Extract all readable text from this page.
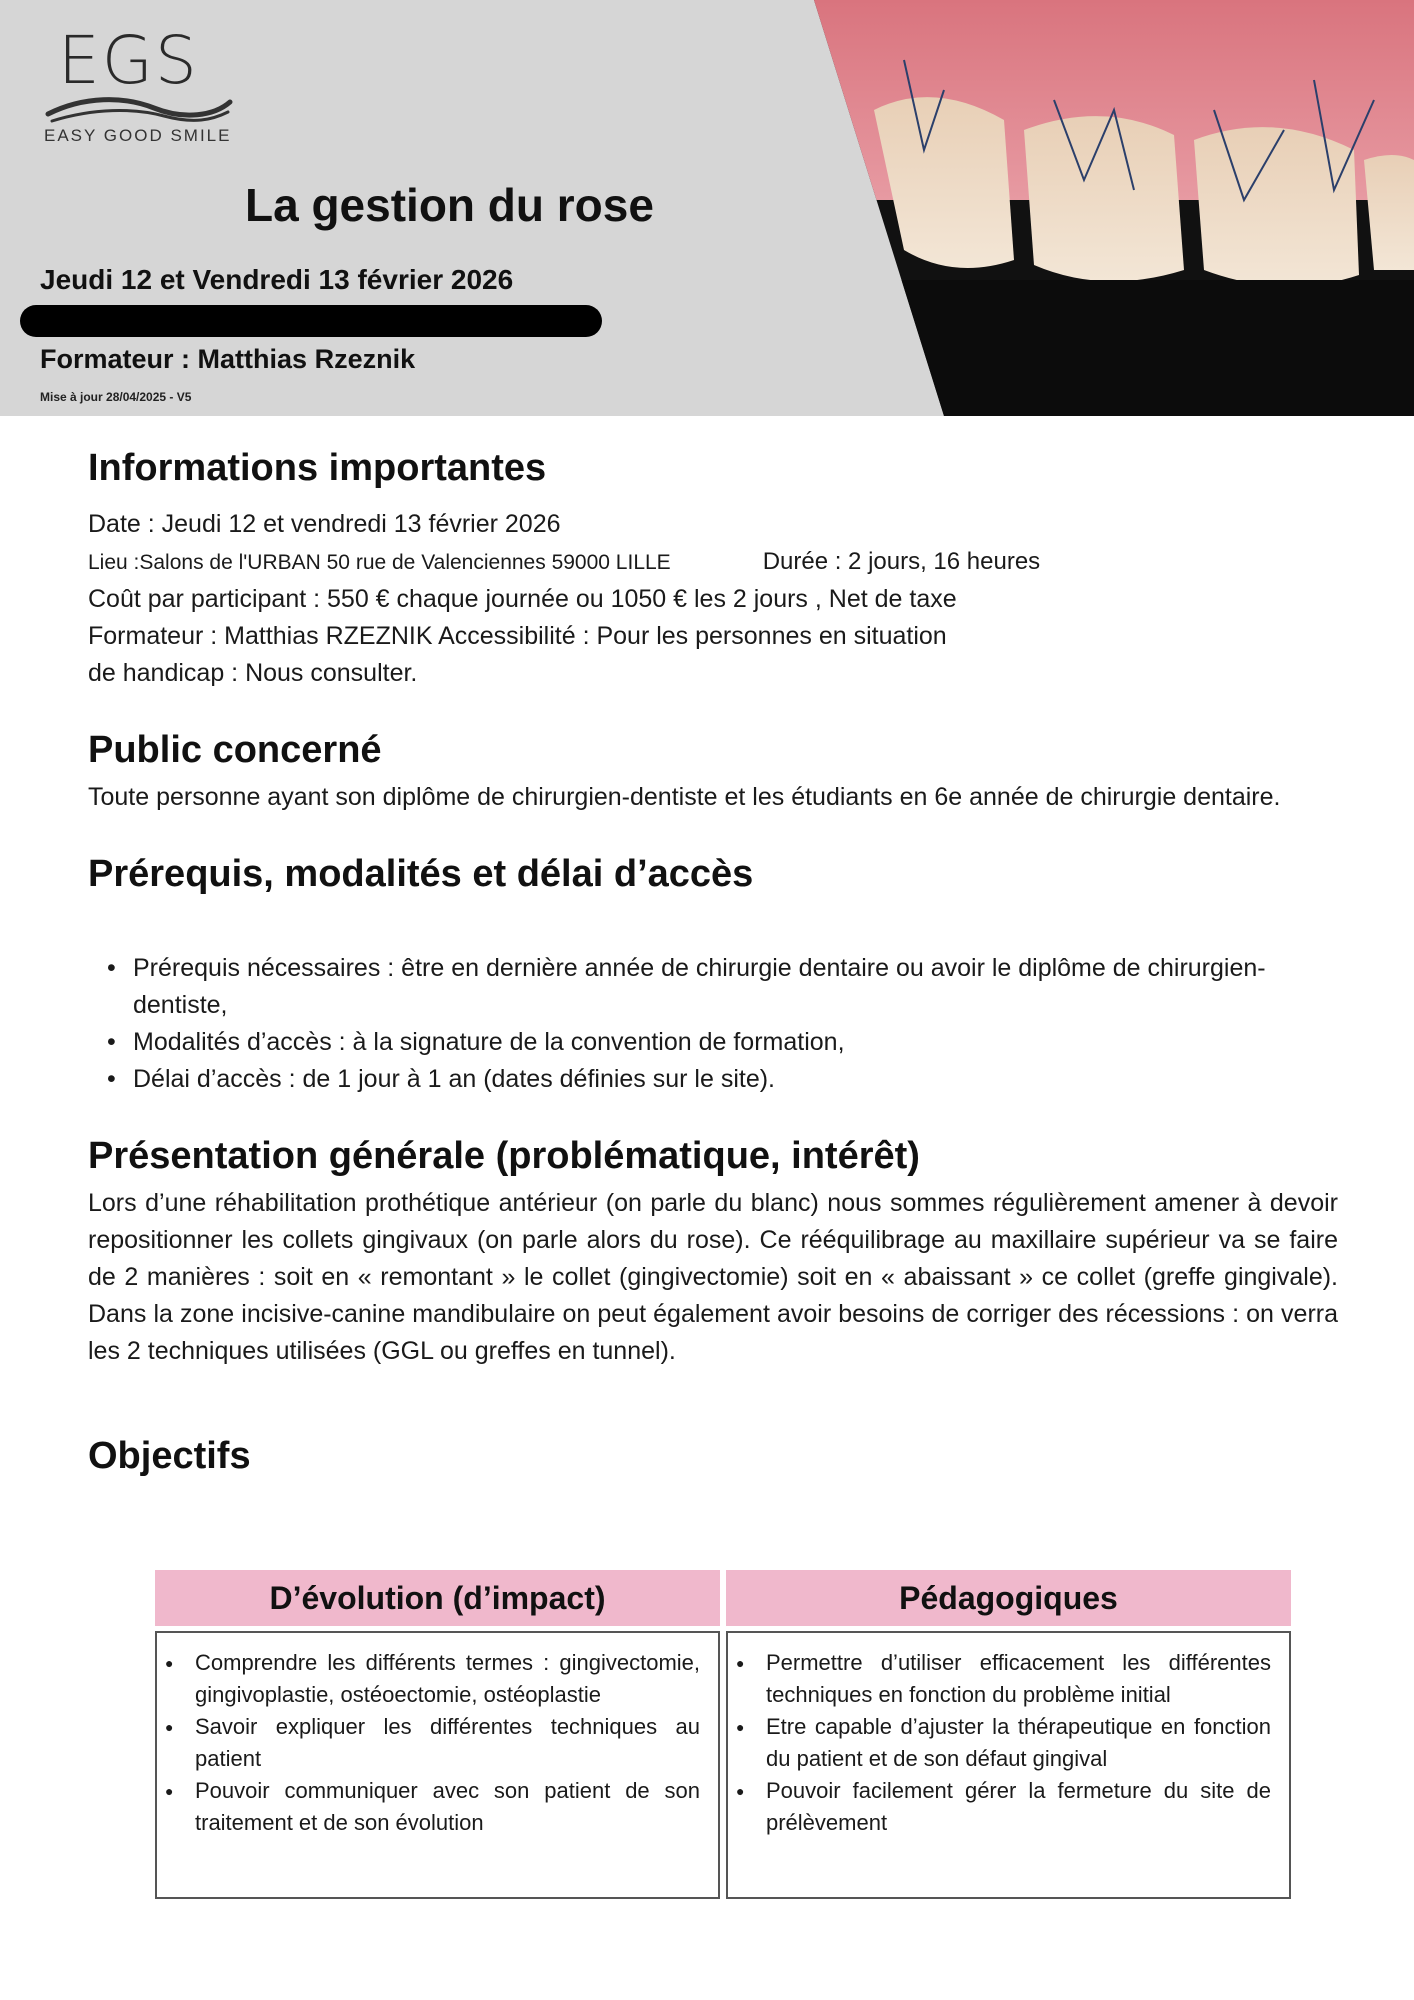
EGS
EASY GOOD SMILE
La gestion du rose
Jeudi 12 et Vendredi 13 février 2026
Formateur : Matthias Rzeznik
Mise à jour 28/04/2025 - V5
Informations importantes
Date : Jeudi 12 et vendredi 13 février 2026
Lieu :Salons de l'URBAN 50 rue de Valenciennes 59000 LILLE	Durée : 2 jours, 16 heures
Coût par participant : 550 € chaque journée ou 1050 € les 2 jours , Net de taxe
Formateur : Matthias RZEZNIK Accessibilité : Pour les personnes en situation
de handicap : Nous consulter.
Public concerné
Toute personne ayant son diplôme de chirurgien-dentiste et les étudiants en 6e année de chirurgie dentaire.
Prérequis, modalités et délai d’accès
• Prérequis nécessaires : être en dernière année de chirurgie dentaire ou avoir le diplôme de chirurgien-dentiste,
• Modalités d’accès : à la signature de la convention de formation,
• Délai d’accès : de 1 jour à 1 an (dates définies sur le site).
Présentation générale (problématique, intérêt)
Lors d’une réhabilitation prothétique antérieur (on parle du blanc) nous sommes régulièrement amener à devoir repositionner les collets gingivaux (on parle alors du rose). Ce rééquilibrage au maxillaire supérieur va se faire de 2 manières : soit en « remontant » le collet (gingivectomie) soit en « abaissant » ce collet (greffe gingivale). Dans la zone incisive-canine mandibulaire on peut également avoir besoins de corriger des récessions : on verra les 2 techniques utilisées (GGL ou greffes en tunnel).
Objectifs
D’évolution (d’impact)
● Comprendre les différents termes : gingivectomie, gingivoplastie, ostéoectomie, ostéoplastie
● Savoir expliquer les différentes techniques au patient
● Pouvoir communiquer avec son patient de son traitement et de son évolution
Pédagogiques
● Permettre d’utiliser efficacement les différentes techniques en fonction du problème initial
● Etre capable d’ajuster la thérapeutique en fonction du patient et de son défaut gingival
● Pouvoir facilement gérer la fermeture du site de prélèvement
